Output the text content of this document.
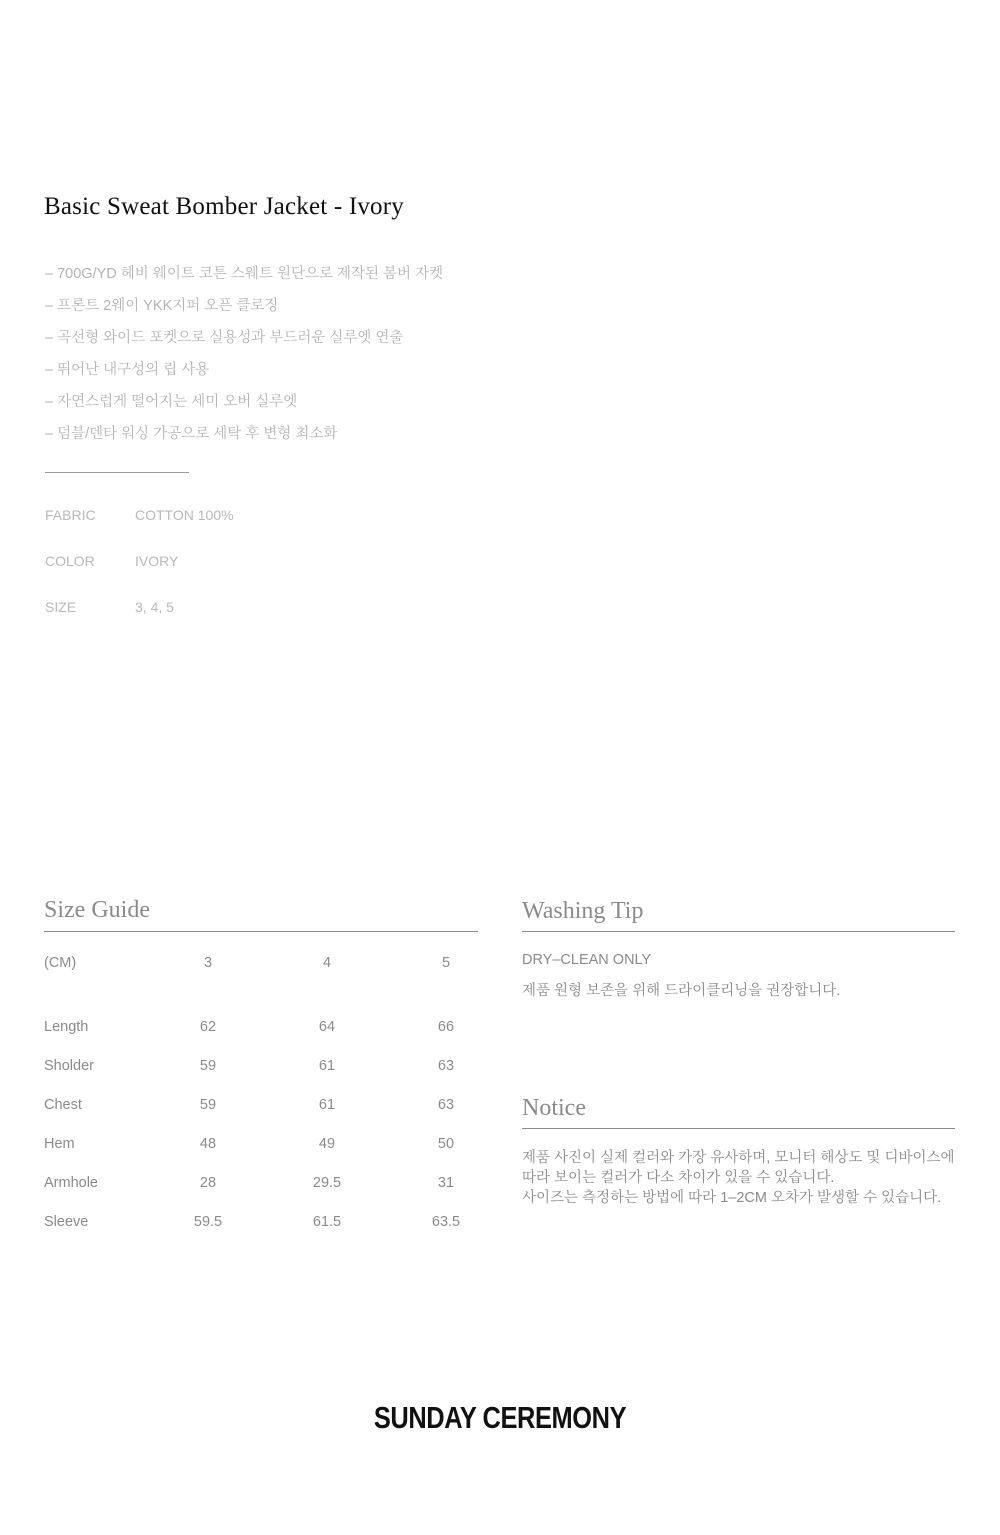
Basic Sweat Bomber Jacket - Ivory
– 700G/YD 헤비 웨이트 코튼 스웨트 원단으로 제작된 봄버 자켓
– 프론트 2웨이 YKK지퍼 오픈 클로징
– 곡선형 와이드 포켓으로 실용성과 부드러운 실루엣 연출
– 뛰어난 내구성의 립 사용
– 자연스럽게 떨어지는 세미 오버 실루엣
– 덤블/덴타 워싱 가공으로 세탁 후 변형 최소화
FABRIC	COTTON 100%
COLOR	IVORY
SIZE	3, 4, 5
Size Guide
(CM)	3	4	5
Length	62	64	66
Sholder	59	61	63
Chest	59	61	63
Hem	48	49	50
Armhole	28	29.5	31
Sleeve	59.5	61.5	63.5
Washing Tip
DRY–CLEAN ONLY
제품 원형 보존을 위해 드라이클리닝을 권장합니다.
Notice
제품 사진이 실제 컬러와 가장 유사하며, 모니터 해상도 및 디바이스에
따라 보이는 컬러가 다소 차이가 있을 수 있습니다.
사이즈는 측정하는 방법에 따라 1–2CM 오차가 발생할 수 있습니다.
SUNDAY CEREMONY
